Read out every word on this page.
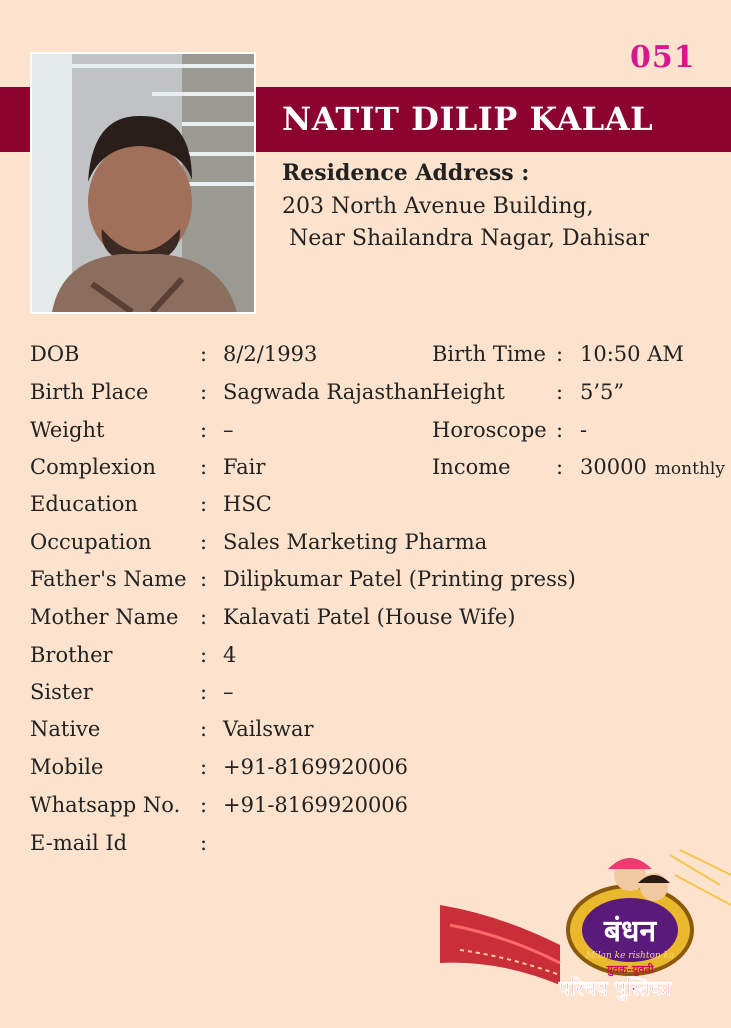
051
NATIT DILIP KALAL
Residence Address :
203 North Avenue Building,
Near Shailandra Nagar, Dahisar
DOB	: 8/2/1993
Birth Place : Sagwada Rajasthan
Weight	: –
Complexion : Fair
Education	: HSC
Occupation : Sales Marketing Pharma
Father's Name : Dilipkumar Patel (Printing press)
Mother Name : Kalavati Patel (House Wife)
Brother	: 4
Sister	: –
Native	: Vailswar
Mobile	: +91-8169920006
Whatsapp No. : +91-8169920006
E-mail Id	:
Birth Time : 10:50 AM
Height : 5’5”
Horoscope : -
Income : 30000 monthly
बंधन
Milan ke rishton ka
युवक-युवती
परिचय पुस्तिका
